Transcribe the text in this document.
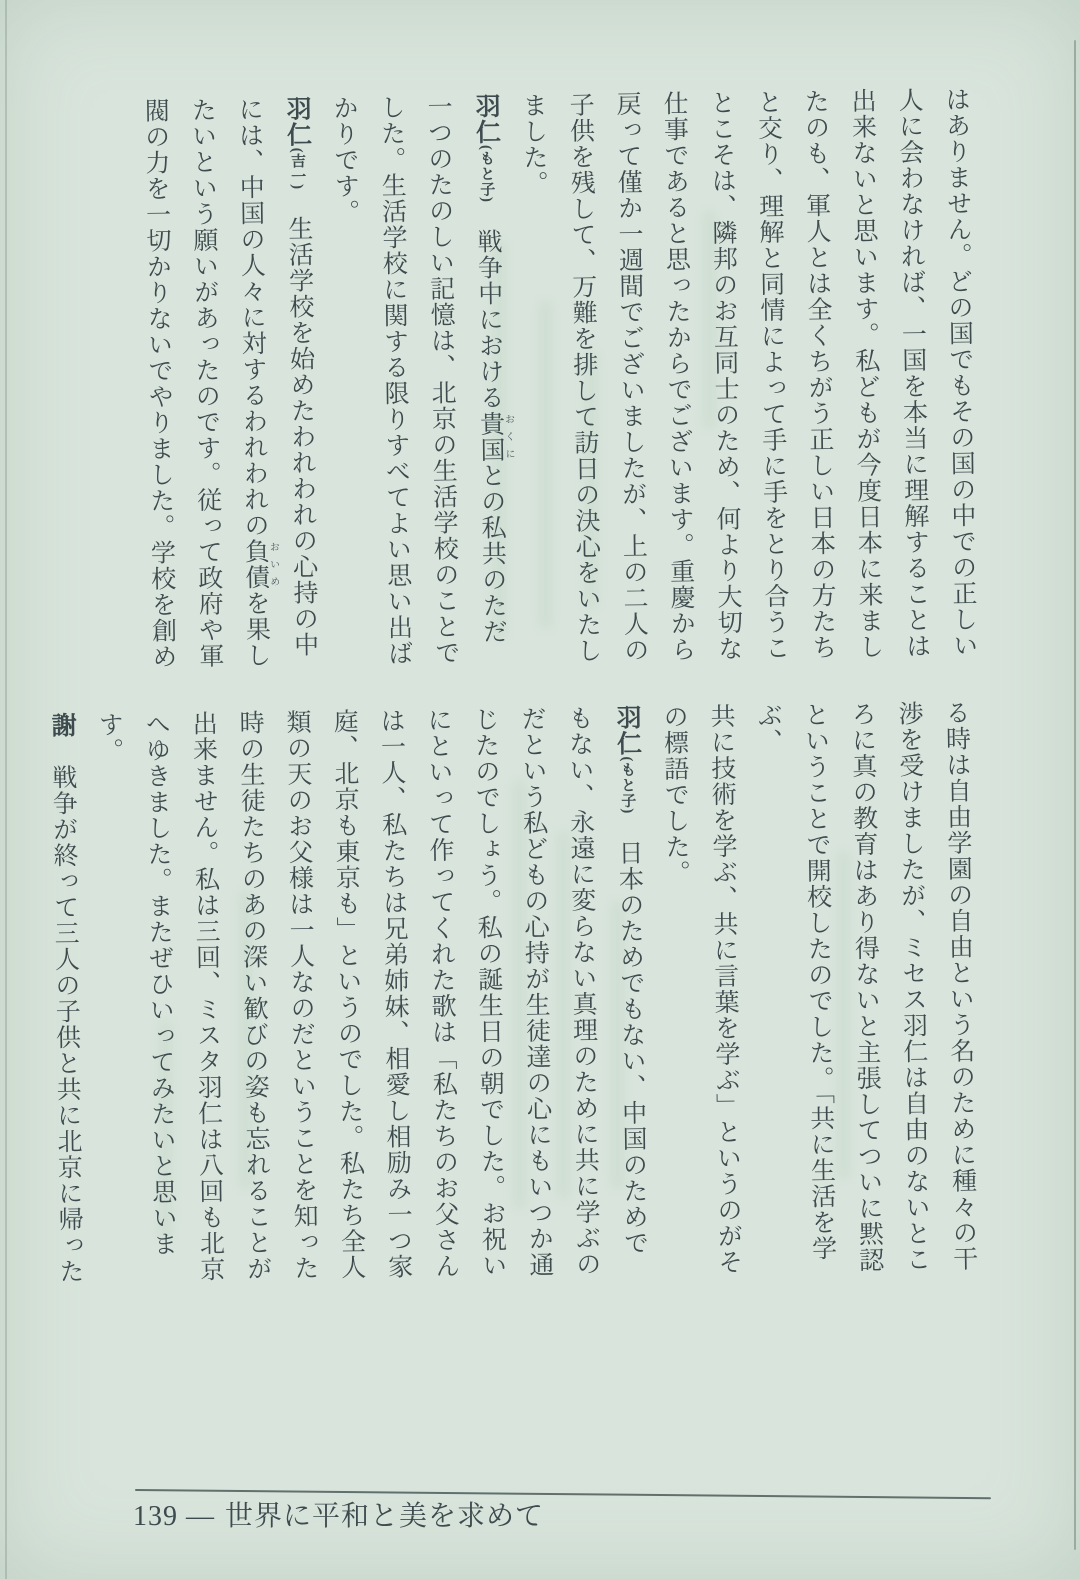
はありません。どの国でもその国の中での正しい

人に会わなければ、一国を本当に理解することは

出来ないと思います。私どもが今度日本に来まし

たのも、軍人とは全くちがう正しい日本の方たち

と交り、理解と同情によって手に手をとり合うこ

とこそは、隣邦のお互同士のため、何より大切な

仕事であると思ったからでございます。重慶から

戻って僅か一週間でございましたが、上の二人の

子供を残して、万難を排して訪日の決心をいたし

ました。

羽仁(もと子)　戦争中における貴国おくにとの私共のただ

一つのたのしい記憶は、北京の生活学校のことで

した。生活学校に関する限りすべてよい思い出ば

かりです。

羽仁(吉一)　生活学校を始めたわれわれの心持の中

には、中国の人々に対するわれわれの負債おいめを果し

たいという願いがあったのです。従って政府や軍

閥の力を一切かりないでやりました。学校を創め

る時は自由学園の自由という名のために種々の干

渉を受けましたが、ミセス羽仁は自由のないとこ

ろに真の教育はあり得ないと主張してついに黙認

ということで開校したのでした。「共に生活を学ぶ、

共に技術を学ぶ、共に言葉を学ぶ」というのがそ

の標語でした。

羽仁(もと子)　日本のためでもない、中国のためで

もない、永遠に変らない真理のために共に学ぶの

だという私どもの心持が生徒達の心にもいつか通

じたのでしょう。私の誕生日の朝でした。お祝い

にといって作ってくれた歌は「私たちのお父さん

は一人、私たちは兄弟姉妹、相愛し相励み一つ家

庭、北京も東京も」というのでした。私たち全人

類の天のお父様は一人なのだということを知った

時の生徒たちのあの深い歓びの姿も忘れることが

出来ません。私は三回、ミスタ羽仁は八回も北京

へゆきました。またぜひいってみたいと思います。

謝　戦争が終って三人の子供と共に北京に帰った

139 ― 世界に平和と美を求めて
